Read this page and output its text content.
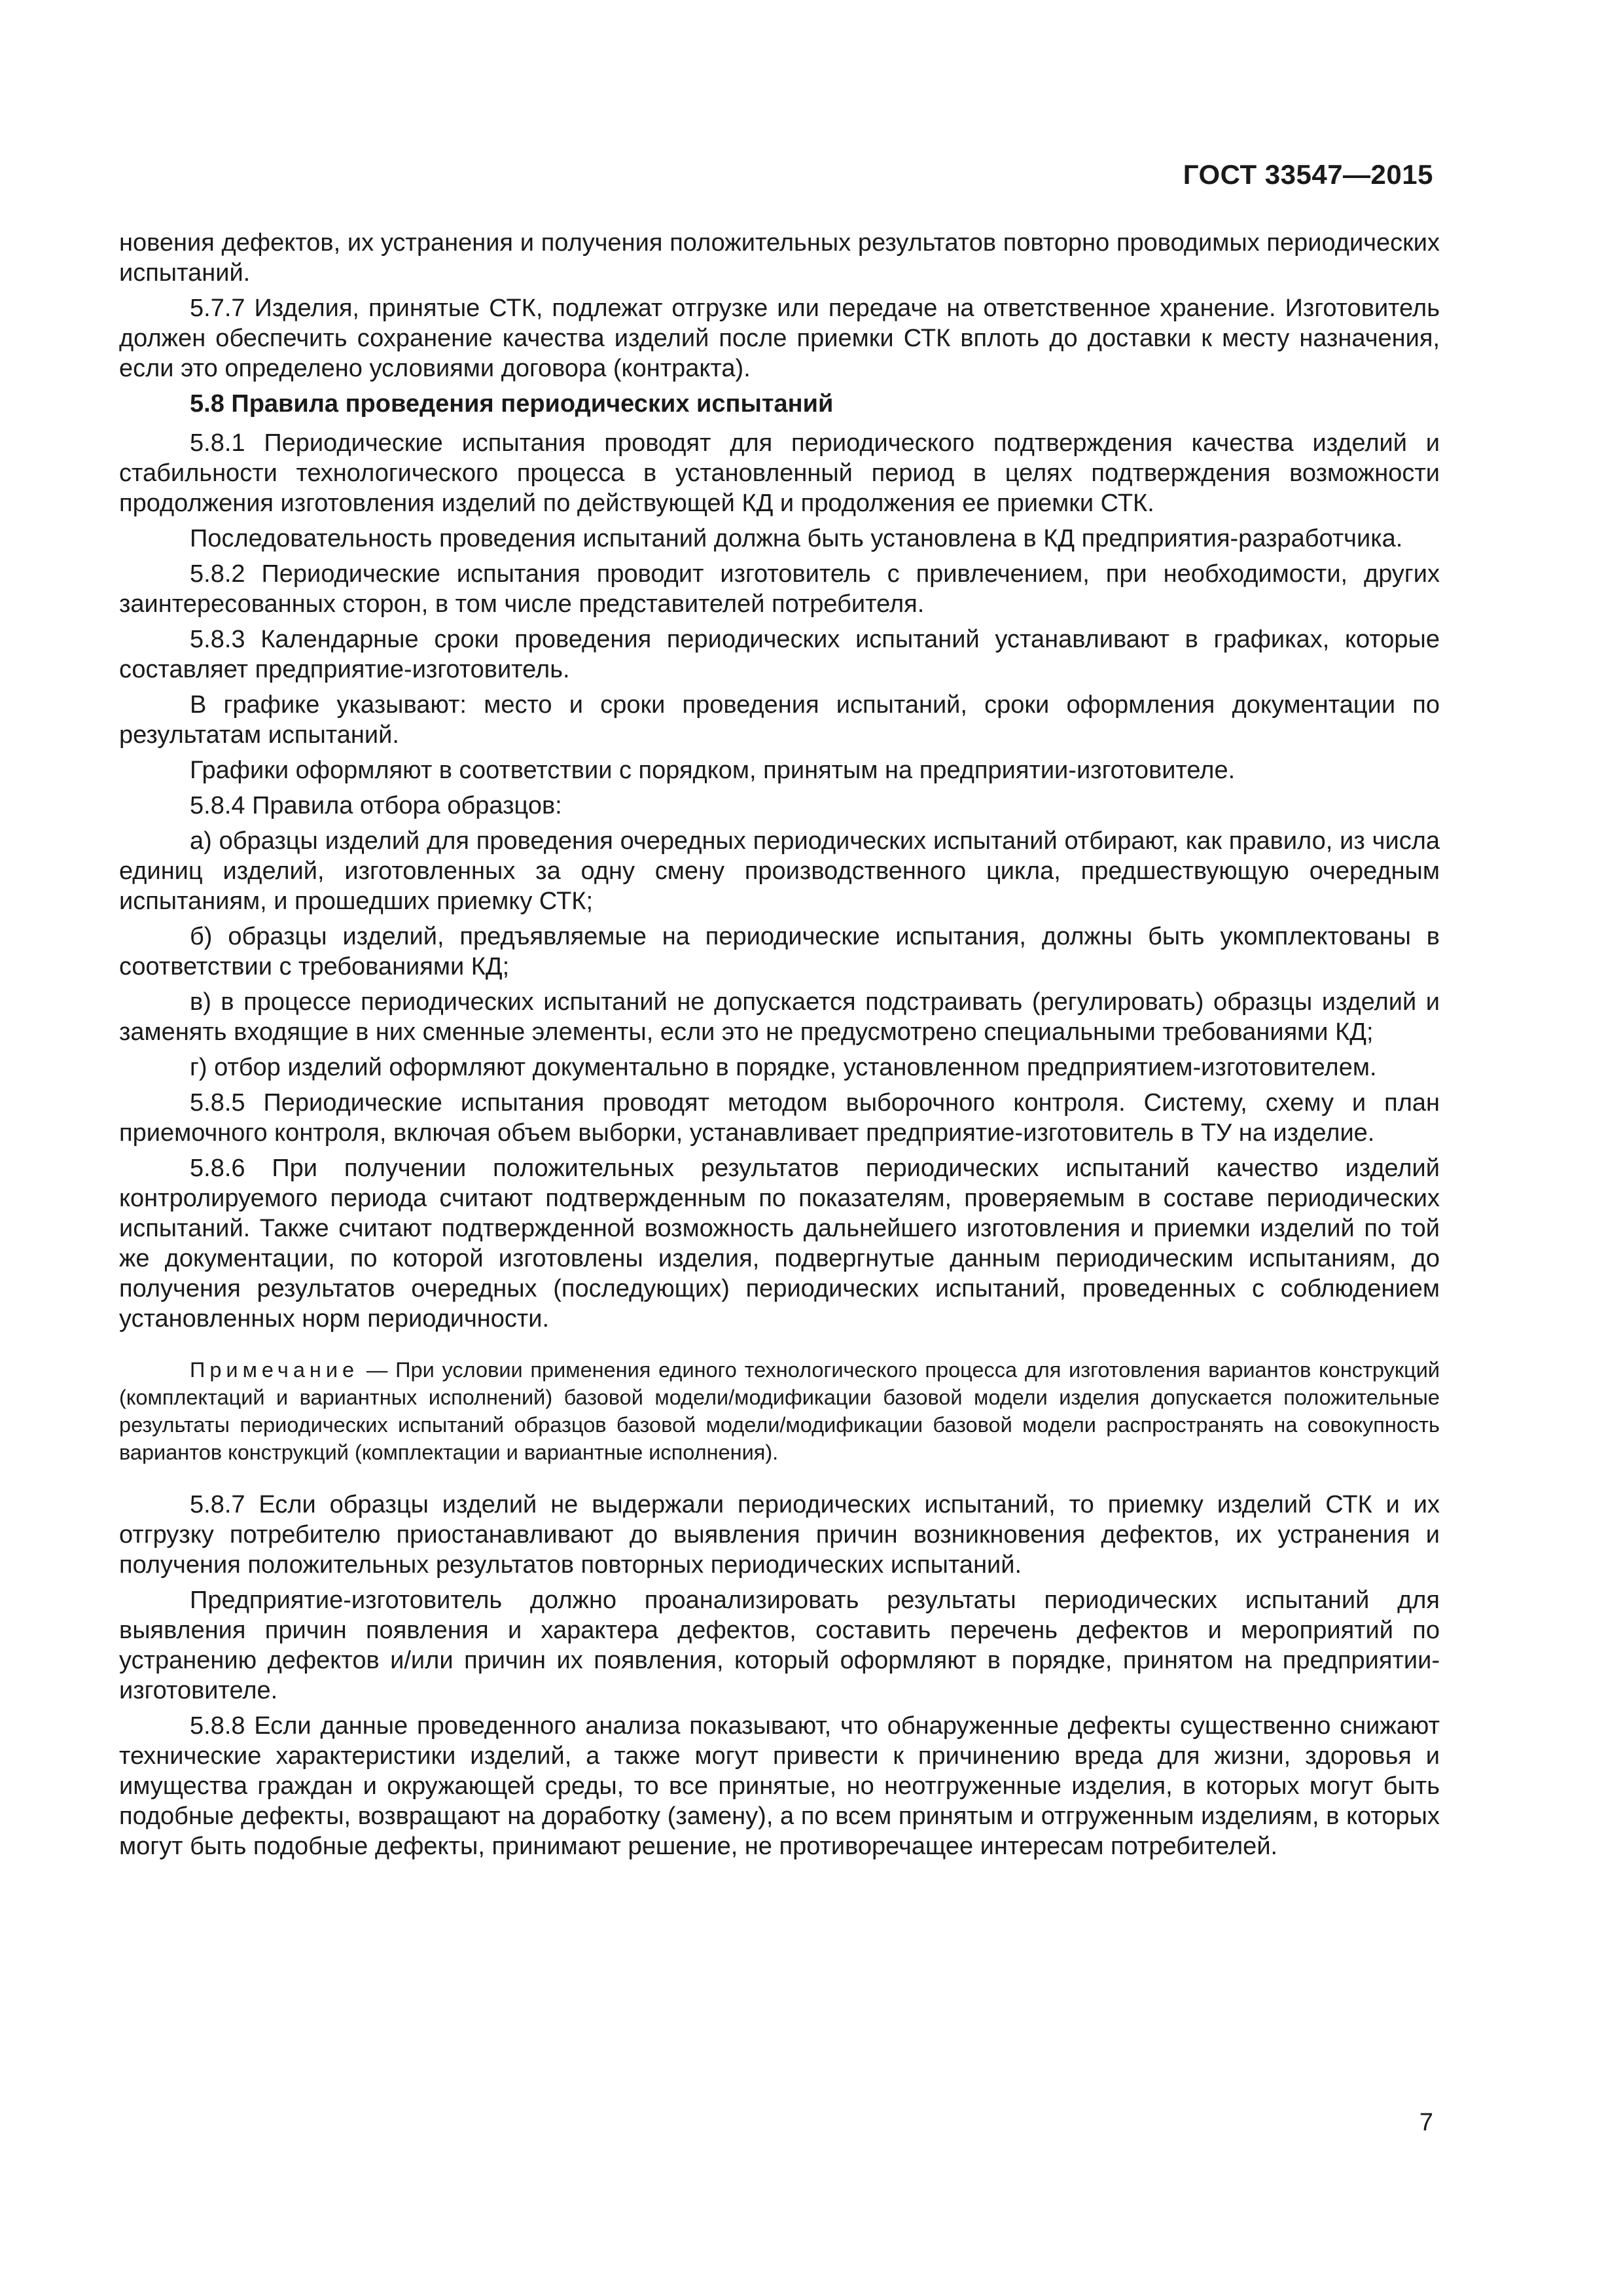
ГОСТ 33547—2015

новения дефектов, их устранения и получения положительных результатов повторно проводимых периодических испытаний.

5.7.7 Изделия, принятые СТК, подлежат отгрузке или передаче на ответственное хранение. Изготовитель должен обеспечить сохранение качества изделий после приемки СТК вплоть до доставки к месту назначения, если это определено условиями договора (контракта).

5.8 Правила проведения периодических испытаний

5.8.1 Периодические испытания проводят для периодического подтверждения качества изделий и стабильности технологического процесса в установленный период в целях подтверждения возможности продолжения изготовления изделий по действующей КД и продолжения ее приемки СТК.

Последовательность проведения испытаний должна быть установлена в КД предприятия-разработчика.

5.8.2 Периодические испытания проводит изготовитель с привлечением, при необходимости, других заинтересованных сторон, в том числе представителей потребителя.

5.8.3 Календарные сроки проведения периодических испытаний устанавливают в графиках, которые составляет предприятие-изготовитель.

В графике указывают: место и сроки проведения испытаний, сроки оформления документации по результатам испытаний.

Графики оформляют в соответствии с порядком, принятым на предприятии-изготовителе.

5.8.4 Правила отбора образцов:

а) образцы изделий для проведения очередных периодических испытаний отбирают, как правило, из числа единиц изделий, изготовленных за одну смену производственного цикла, предшествующую очередным испытаниям, и прошедших приемку СТК;

б) образцы изделий, предъявляемые на периодические испытания, должны быть укомплектованы в соответствии с требованиями КД;

в) в процессе периодических испытаний не допускается подстраивать (регулировать) образцы изделий и заменять входящие в них сменные элементы, если это не предусмотрено специальными требованиями КД;

г) отбор изделий оформляют документально в порядке, установленном предприятием-изготовителем.

5.8.5 Периодические испытания проводят методом выборочного контроля. Систему, схему и план приемочного контроля, включая объем выборки, устанавливает предприятие-изготовитель в ТУ на изделие.

5.8.6 При получении положительных результатов периодических испытаний качество изделий контролируемого периода считают подтвержденным по показателям, проверяемым в составе периодических испытаний. Также считают подтвержденной возможность дальнейшего изготовления и приемки изделий по той же документации, по которой изготовлены изделия, подвергнутые данным периодическим испытаниям, до получения результатов очередных (последующих) периодических испытаний, проведенных с соблюдением установленных норм периодичности.

Примечание — При условии применения единого технологического процесса для изготовления вариантов конструкций (комплектаций и вариантных исполнений) базовой модели/модификации базовой модели изделия допускается положительные результаты периодических испытаний образцов базовой модели/модификации базовой модели распространять на совокупность вариантов конструкций (комплектации и вариантные исполнения).

5.8.7 Если образцы изделий не выдержали периодических испытаний, то приемку изделий СТК и их отгрузку потребителю приостанавливают до выявления причин возникновения дефектов, их устранения и получения положительных результатов повторных периодических испытаний.

Предприятие-изготовитель должно проанализировать результаты периодических испытаний для выявления причин появления и характера дефектов, составить перечень дефектов и мероприятий по устранению дефектов и/или причин их появления, который оформляют в порядке, принятом на предприятии-изготовителе.

5.8.8 Если данные проведенного анализа показывают, что обнаруженные дефекты существенно снижают технические характеристики изделий, а также могут привести к причинению вреда для жизни, здоровья и имущества граждан и окружающей среды, то все принятые, но неотгруженные изделия, в которых могут быть подобные дефекты, возвращают на доработку (замену), а по всем принятым и отгруженным изделиям, в которых могут быть подобные дефекты, принимают решение, не противоречащее интересам потребителей.

7
